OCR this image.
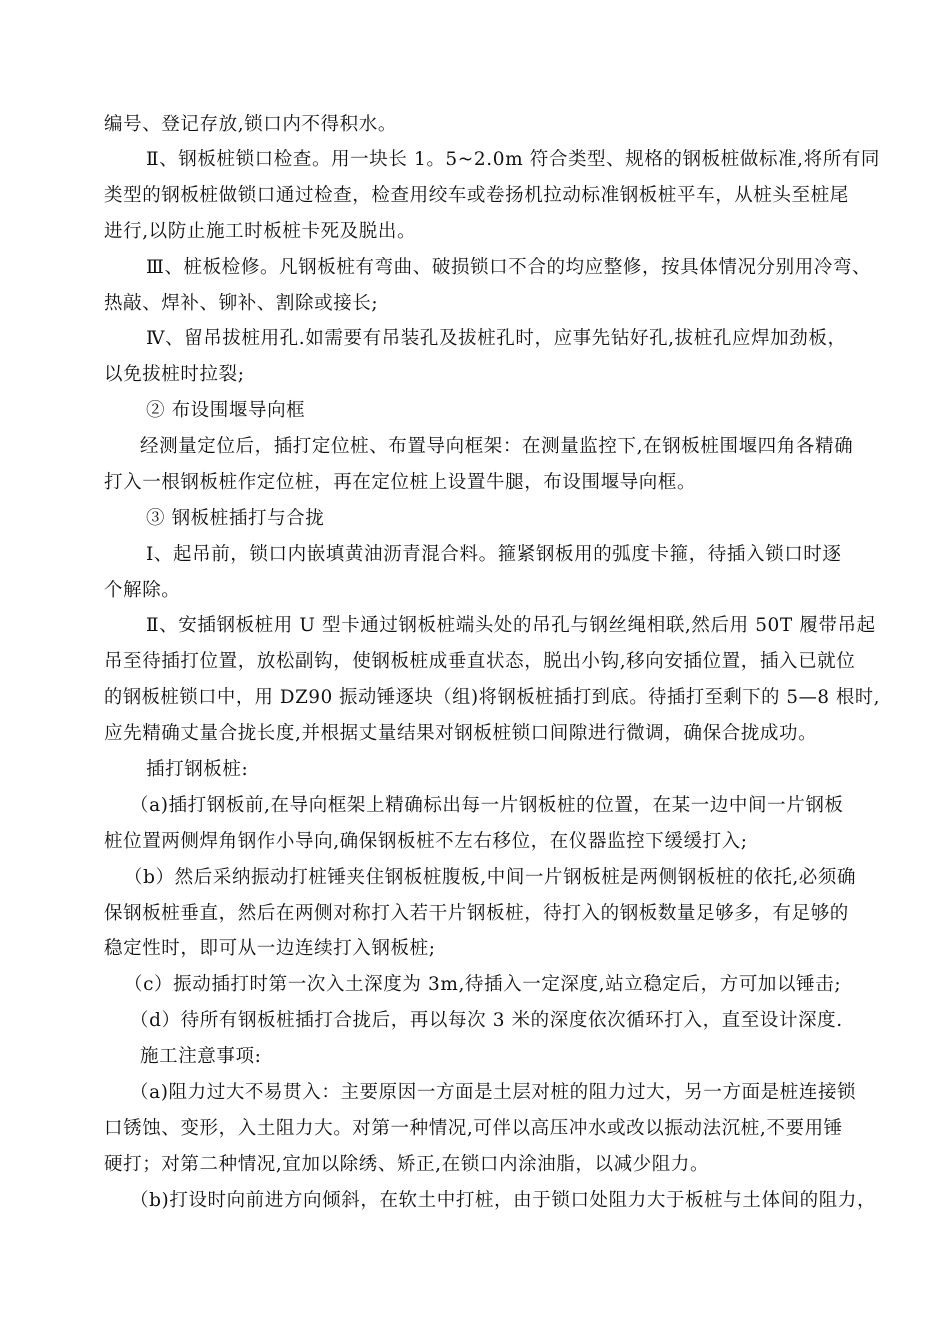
编号、登记存放,锁口内不得积水。
Ⅱ、钢板桩锁口检查。用一块长 1。5~2.0m 符合类型、规格的钢板桩做标准,将所有同
类型的钢板桩做锁口通过检查，检查用绞车或卷扬机拉动标准钢板桩平车，从桩头至桩尾
进行,以防止施工时板桩卡死及脱出。
Ⅲ、桩板检修。凡钢板桩有弯曲、破损锁口不合的均应整修，按具体情况分别用冷弯、
热敲、焊补、铆补、割除或接长;
Ⅳ、留吊拔桩用孔.如需要有吊装孔及拔桩孔时，应事先钻好孔,拔桩孔应焊加劲板，
以免拔桩时拉裂;
② 布设围堰导向框
经测量定位后，插打定位桩、布置导向框架：在测量监控下,在钢板桩围堰四角各精确
打入一根钢板桩作定位桩，再在定位桩上设置牛腿，布设围堰导向框。
③ 钢板桩插打与合拢
Ⅰ、起吊前，锁口内嵌填黄油沥青混合料。箍紧钢板用的弧度卡箍，待插入锁口时逐
个解除。
Ⅱ、安插钢板桩用 U 型卡通过钢板桩端头处的吊孔与钢丝绳相联,然后用 50T 履带吊起
吊至待插打位置，放松副钩，使钢板桩成垂直状态，脱出小钩,移向安插位置，插入已就位
的钢板桩锁口中，用 DZ90 振动锤逐块（组)将钢板桩插打到底。待插打至剩下的 5—8 根时,
应先精确丈量合拢长度,并根据丈量结果对钢板桩锁口间隙进行微调，确保合拢成功。
插打钢板桩:
（a)插打钢板前,在导向框架上精确标出每一片钢板桩的位置，在某一边中间一片钢板
桩位置两侧焊角钢作小导向,确保钢板桩不左右移位，在仪器监控下缓缓打入;
（b）然后采纳振动打桩锤夹住钢板桩腹板,中间一片钢板桩是两侧钢板桩的依托,必须确
保钢板桩垂直，然后在两侧对称打入若干片钢板桩，待打入的钢板数量足够多，有足够的
稳定性时，即可从一边连续打入钢板桩;
（c）振动插打时第一次入土深度为 3m,待插入一定深度,站立稳定后，方可加以锤击;
（d）待所有钢板桩插打合拢后，再以每次 3 米的深度依次循环打入，直至设计深度.
施工注意事项:
（a)阻力过大不易贯入：主要原因一方面是土层对桩的阻力过大，另一方面是桩连接锁
口锈蚀、变形，入土阻力大。对第一种情况,可伴以高压冲水或改以振动法沉桩,不要用锤
硬打；对第二种情况,宜加以除绣、矫正,在锁口内涂油脂，以减少阻力。
（b)打设时向前进方向倾斜，在软土中打桩，由于锁口处阻力大于板桩与土体间的阻力，
